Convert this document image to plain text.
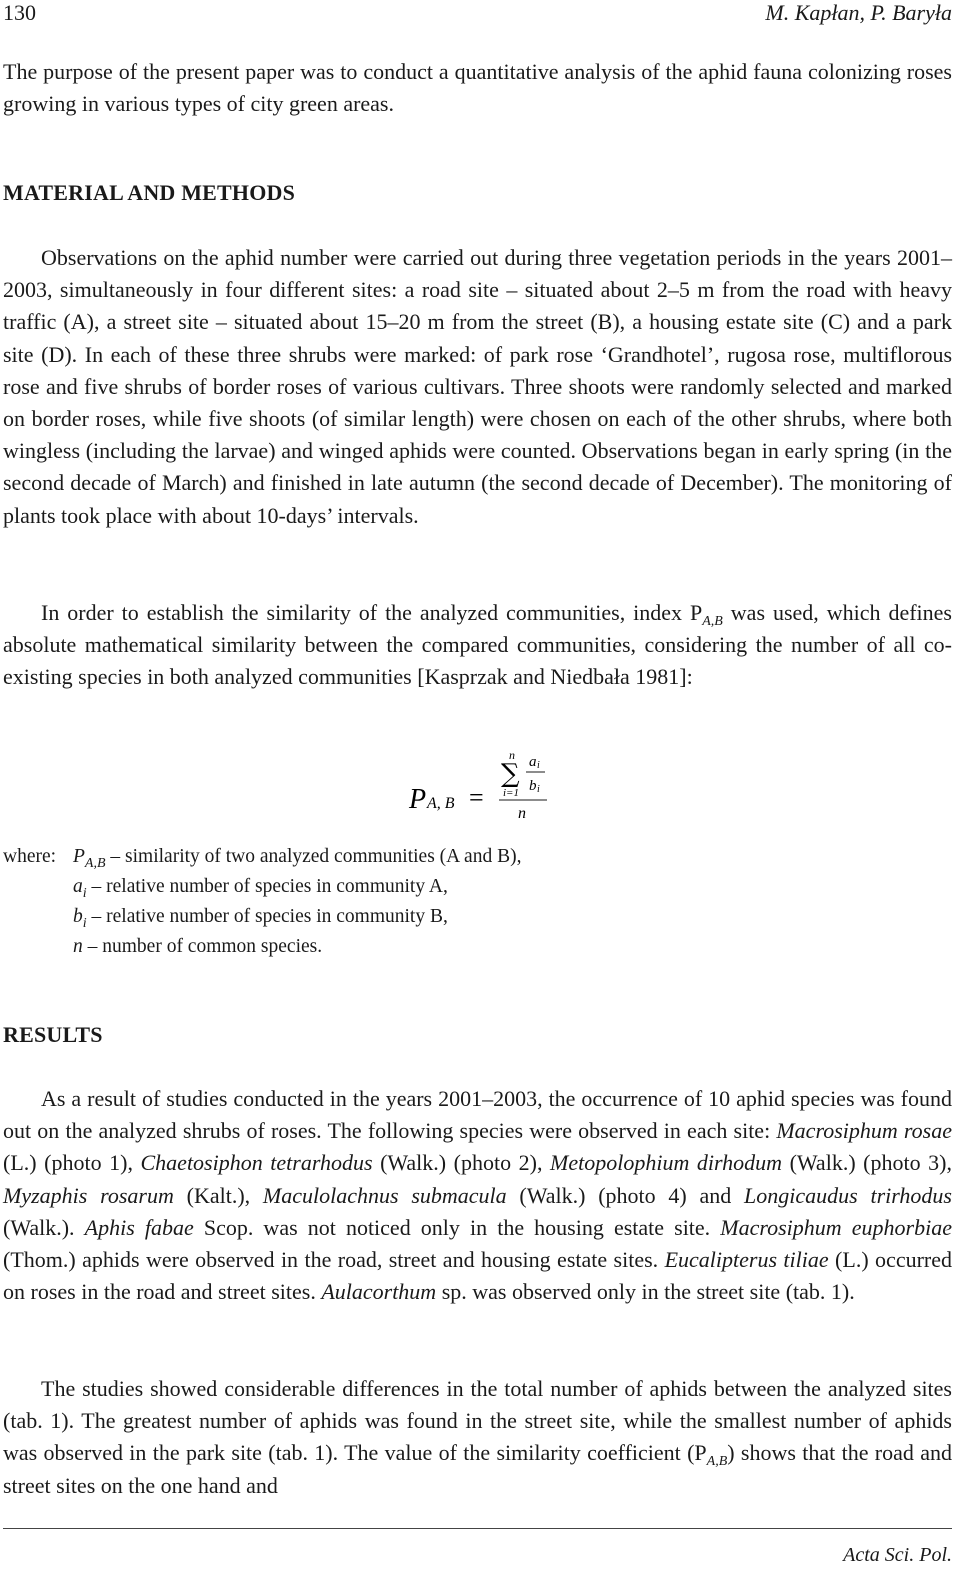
130	M. Kapłan, P. Baryła

The purpose of the present paper was to conduct a quantitative analysis of the aphid fauna colonizing roses growing in various types of city green areas.

MATERIAL AND METHODS

Observations on the aphid number were carried out during three vegetation periods in the years 2001–2003, simultaneously in four different sites: a road site – situated about 2–5 m from the road with heavy traffic (A), a street site – situated about 15–20 m from the street (B), a housing estate site (C) and a park site (D). In each of these three shrubs were marked: of park rose ‘Grandhotel’, rugosa rose, multiflorous rose and five shrubs of border roses of various cultivars. Three shoots were randomly selected and marked on border roses, while five shoots (of similar length) were chosen on each of the other shrubs, where both wingless (including the larvae) and winged aphids were counted. Observations began in early spring (in the second decade of March) and finished in late autumn (the second decade of December). The monitoring of plants took place with about 10-days’ intervals.

In order to establish the similarity of the analyzed communities, index $P_{A,B}$ was used, which defines absolute mathematical similarity between the compared communities, considering the number of all co-existing species in both analyzed communities [Kasprzak and Niedbała 1981]:

P A, B =
n
∑
i=1
a i
b i
n
where: $P_{A,B}$ – similarity of two analyzed communities (A and B),
$a_i$ – relative number of species in community A,
$b_i$ – relative number of species in community B,
n – number of common species.
RESULTS

As a result of studies conducted in the years 2001–2003, the occurrence of 10 aphid species was found out on the analyzed shrubs of roses. The following species were observed in each site: Macrosiphum rosae (L.) (photo 1), Chaetosiphon tetrarhodus (Walk.) (photo 2), Metopolophium dirhodum (Walk.) (photo 3), Myzaphis rosarum (Kalt.), Maculolachnus submacula (Walk.) (photo 4) and Longicaudus trirhodus (Walk.). Aphis fabae Scop. was not noticed only in the housing estate site. Macrosiphum euphorbiae (Thom.) aphids were observed in the road, street and housing estate sites. Eucalipterus tiliae (L.) occurred on roses in the road and street sites. Aulacorthum sp. was observed only in the street site (tab. 1).

The studies showed considerable differences in the total number of aphids between the analyzed sites (tab. 1). The greatest number of aphids was found in the street site, while the smallest number of aphids was observed in the park site (tab. 1). The value of the similarity coefficient $(P_{A,B})$ shows that the road and street sites on the one hand and

Acta Sci. Pol.
